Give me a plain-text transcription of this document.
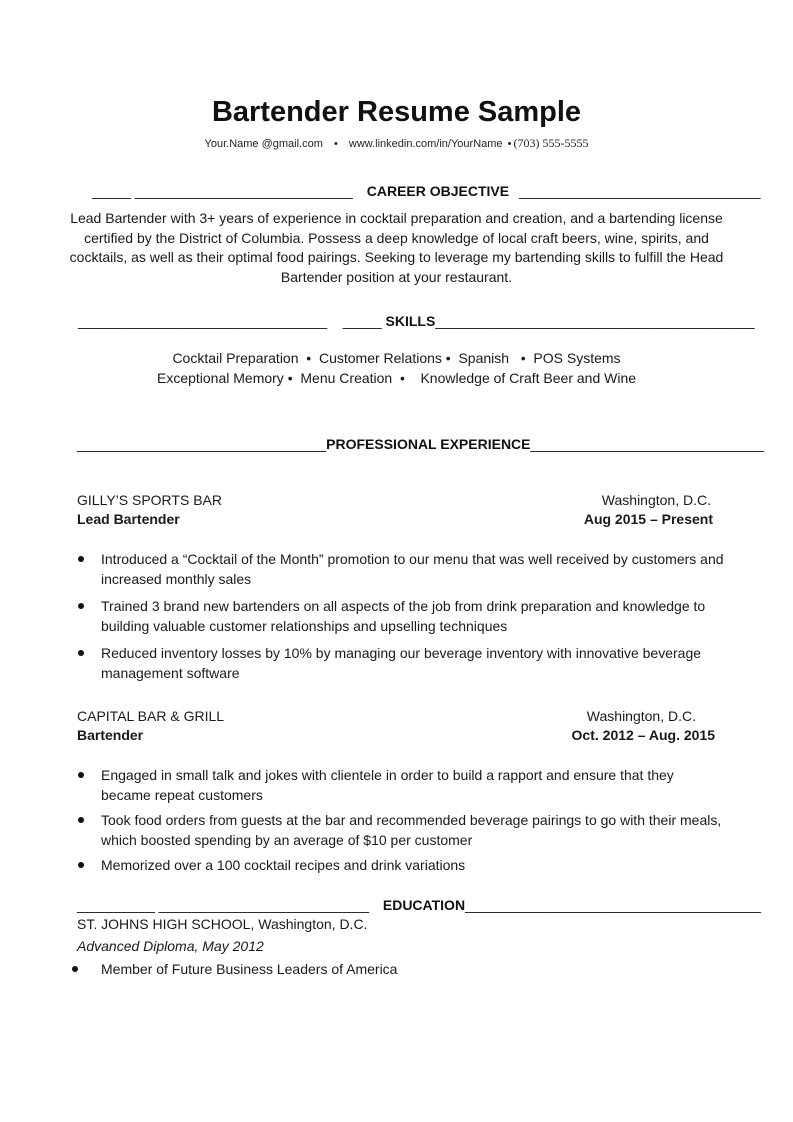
Bartender Resume Sample
Your.Name @gmail.com • www.linkedin.com/in/YourName • (703) 555-5555
_____ ____________________________ CAREER OBJECTIVE _______________________________
Lead Bartender with 3+ years of experience in cocktail preparation and creation, and a bartending license certified by the District of Columbia. Possess a deep knowledge of local craft beers, wine, spirits, and cocktails, as well as their optimal food pairings. Seeking to leverage my bartending skills to fulfill the Head Bartender position at your restaurant.
________________________________    _____ SKILLS_________________________________________
Cocktail Preparation  •  Customer Relations •  Spanish   •  POS Systems
Exceptional Memory •  Menu Creation  •    Knowledge of Craft Beer and Wine
________________________________PROFESSIONAL EXPERIENCE______________________________
GILLY’S SPORTS BAR	Washington, D.C.
Lead Bartender	Aug 2015 – Present
Introduced a “Cocktail of the Month” promotion to our menu that was well received by customers and increased monthly sales
Trained 3 brand new bartenders on all aspects of the job from drink preparation and knowledge to building valuable customer relationships and upselling techniques
Reduced inventory losses by 10% by managing our beverage inventory with innovative beverage management software
CAPITAL BAR & GRILL	Washington, D.C.
Bartender	Oct. 2012 – Aug. 2015
Engaged in small talk and jokes with clientele in order to build a rapport and ensure that they became repeat customers
Took food orders from guests at the bar and recommended beverage pairings to go with their meals, which boosted spending by an average of $10 per customer
Memorized over a 100 cocktail recipes and drink variations
__________ ___________________________ EDUCATION______________________________________
ST. JOHNS HIGH SCHOOL, Washington, D.C.
Advanced Diploma, May 2012
Member of Future Business Leaders of America
